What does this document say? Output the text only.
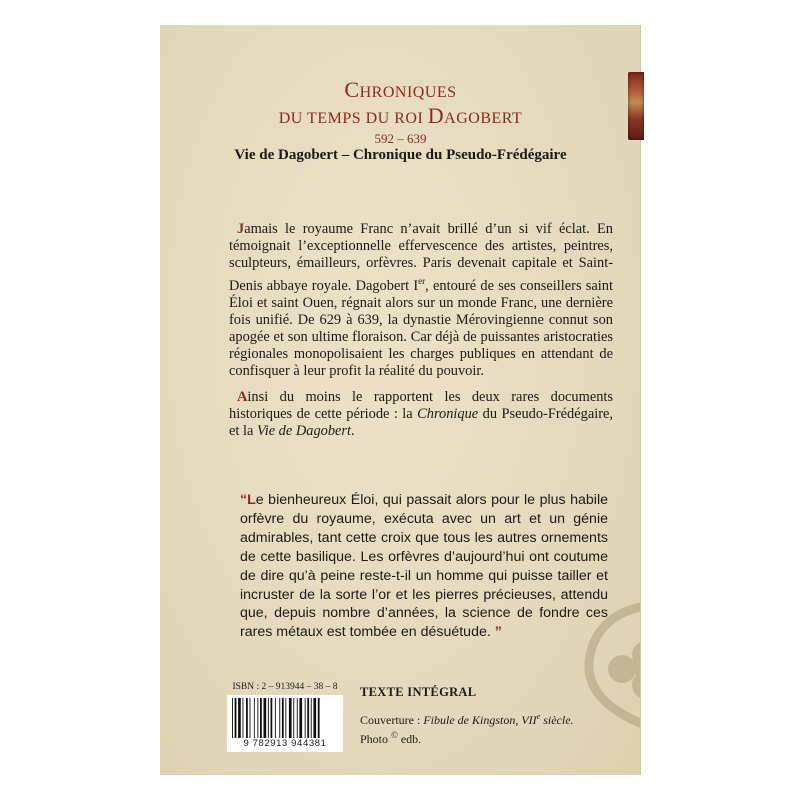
CHRONIQUES
DU TEMPS DU ROI DAGOBERT
592 – 639
Vie de Dagobert – Chronique du Pseudo-Frédégaire

Jamais le royaume Franc n’avait brillé d’un si vif éclat. En témoignait l’exceptionnelle effervescence des artistes, peintres, sculpteurs, émailleurs, orfèvres. Paris devenait capitale et Saint-Denis abbaye royale. Dagobert Ier, entouré de ses conseillers saint Éloi et saint Ouen, régnait alors sur un monde Franc, une dernière fois unifié. De 629 à 639, la dynastie Mérovingienne connut son apogée et son ultime floraison. Car déjà de puissantes aristocraties régionales monopolisaient les charges publiques en attendant de confisquer à leur profit la réalité du pouvoir.

Ainsi du moins le rapportent les deux rares documents historiques de cette période : la Chronique du Pseudo-Frédégaire, et la Vie de Dagobert.

“Le bienheureux Éloi, qui passait alors pour le plus habile orfèvre du royaume, exécuta avec un art et un génie admirables, tant cette croix que tous les autres ornements de cette basilique. Les orfèvres d’aujourd’hui ont coutume de dire qu’à peine reste-t-il un homme qui puisse tailler et incruster de la sorte l’or et les pierres précieuses, attendu que, depuis nombre d’années, la science de fondre ces rares métaux est tombée en désuétude. ”

ISBN : 2 – 913944 – 38 – 8
9 782913 944381
TEXTE INTÉGRAL
Couverture : Fibule de Kingston, VIIe siècle.
Photo © edb.
